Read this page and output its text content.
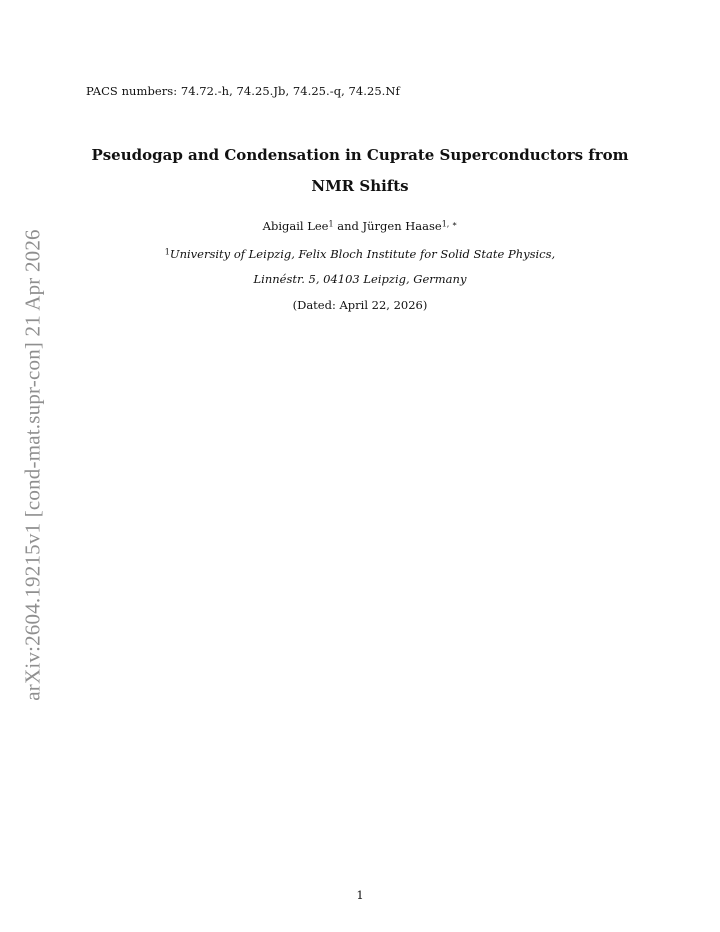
PACS numbers: 74.72.-h, 74.25.Jb, 74.25.-q, 74.25.Nf
Pseudogap and Condensation in Cuprate Superconductors from
NMR Shifts
Abigail Lee$^1$ and Jürgen Haase$^{1, ∗}$
$^1$University of Leipzig, Felix Bloch Institute for Solid State Physics,
Linnéstr. 5, 04103 Leipzig, Germany
(Dated: April 22, 2026)
arXiv:2604.19215v1 [cond-mat.supr-con] 21 Apr 2026
1
